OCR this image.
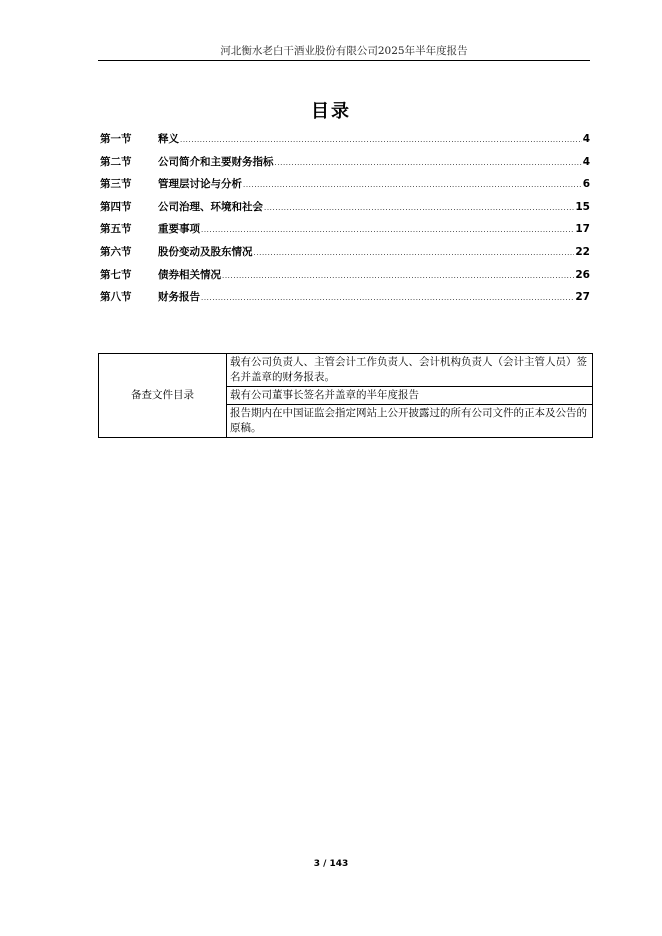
河北衡水老白干酒业股份有限公司2025年半年度报告
目录
第一节	释义 .....	4
第二节	公司简介和主要财务指标 .....	4
第三节	管理层讨论与分析 .....	6
第四节	公司治理、环境和社会 .....	15
第五节	重要事项 .....	17
第六节	股份变动及股东情况 .....	22
第七节	债券相关情况 .....	26
第八节	财务报告 .....	27
备查文件目录	载有公司负责人、主管会计工作负责人、会计机构负责人（会计主管人员）签名并盖章的财务报表。
载有公司董事长签名并盖章的半年度报告
报告期内在中国证监会指定网站上公开披露过的所有公司文件的正本及公告的原稿。
3 / 143
